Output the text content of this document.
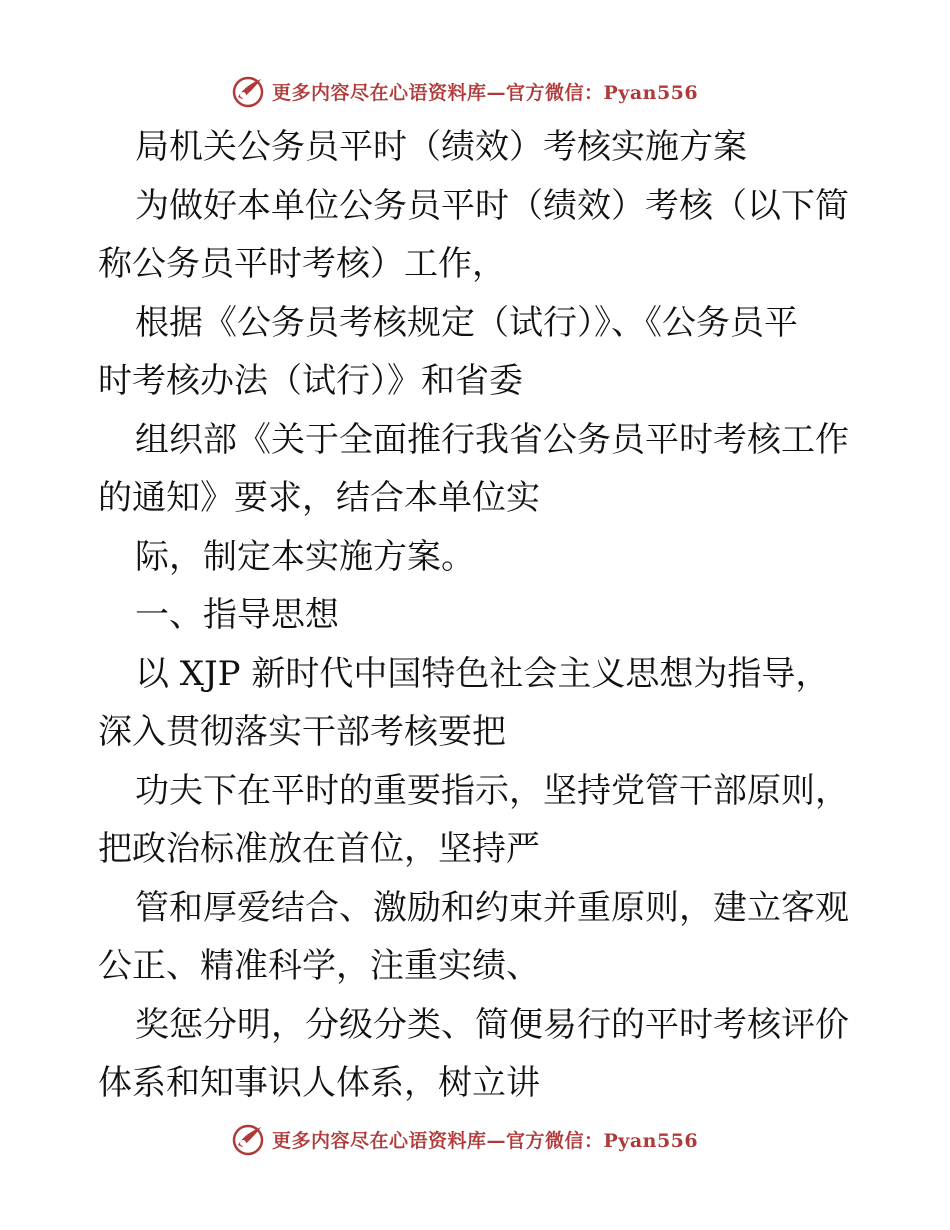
更多内容尽在心语资料库—官方微信：Pyan556
局机关公务员平时（绩效）考核实施方案
为做好本单位公务员平时（绩效）考核（以下简
称公务员平时考核）工作，
根据《公务员考核规定（试行）》、《公务员平
时考核办法（试行）》和省委
组织部《关于全面推行我省公务员平时考核工作
的通知》要求，结合本单位实
际，制定本实施方案。
一、指导思想
以 XJP 新时代中国特色社会主义思想为指导，
深入贯彻落实干部考核要把
功夫下在平时的重要指示，坚持党管干部原则，
把政治标准放在首位，坚持严
管和厚爱结合、激励和约束并重原则，建立客观
公正、精准科学，注重实绩、
奖惩分明，分级分类、简便易行的平时考核评价
体系和知事识人体系，树立讲
更多内容尽在心语资料库—官方微信：Pyan556
